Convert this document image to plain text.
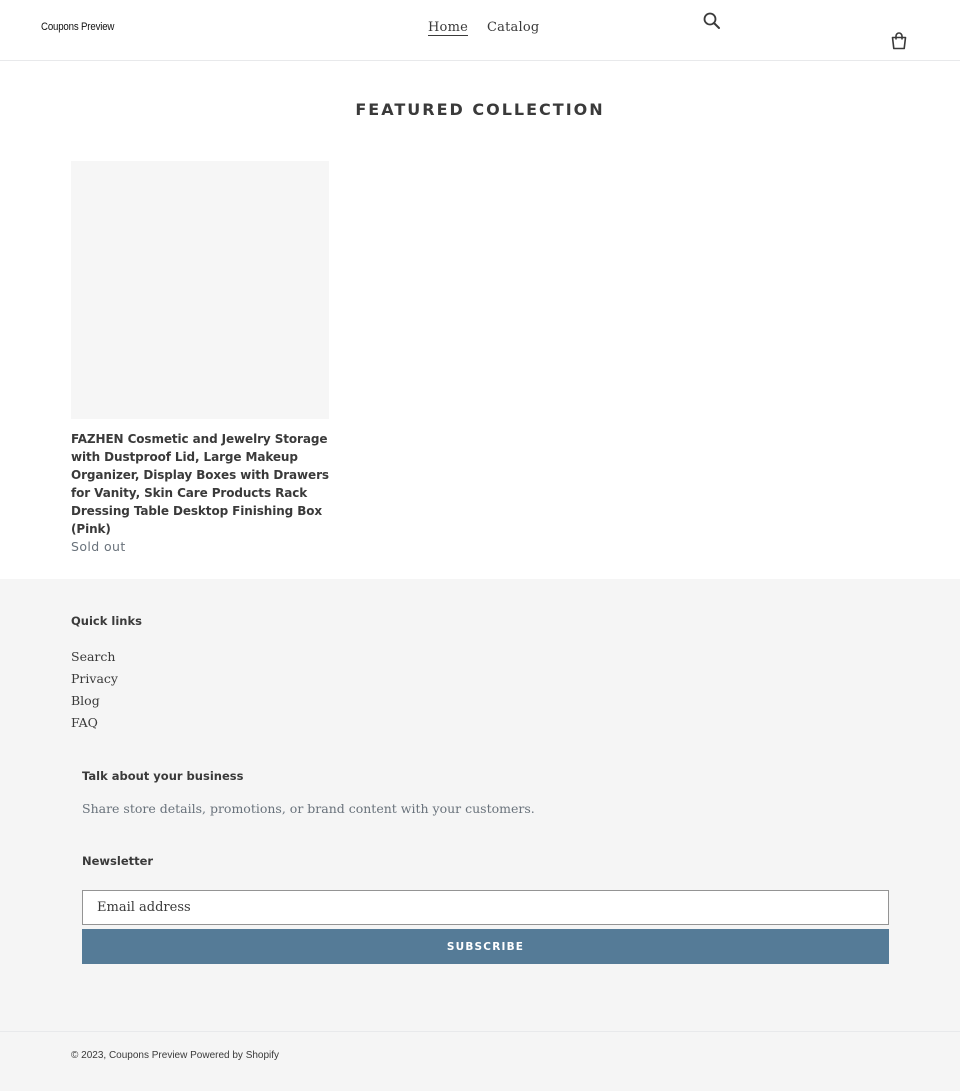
Coupons Preview	Home Catalog
FEATURED COLLECTION
FAZHEN Cosmetic and Jewelry Storage with Dustproof Lid, Large Makeup Organizer, Display Boxes with Drawers for Vanity, Skin Care Products Rack Dressing Table Desktop Finishing Box (Pink)
Sold out
Quick links
Search
Privacy
Blog
FAQ
Talk about your business
Share store details, promotions, or brand content with your customers.
Newsletter
Email address
SUBSCRIBE
© 2023, Coupons Preview Powered by Shopify
